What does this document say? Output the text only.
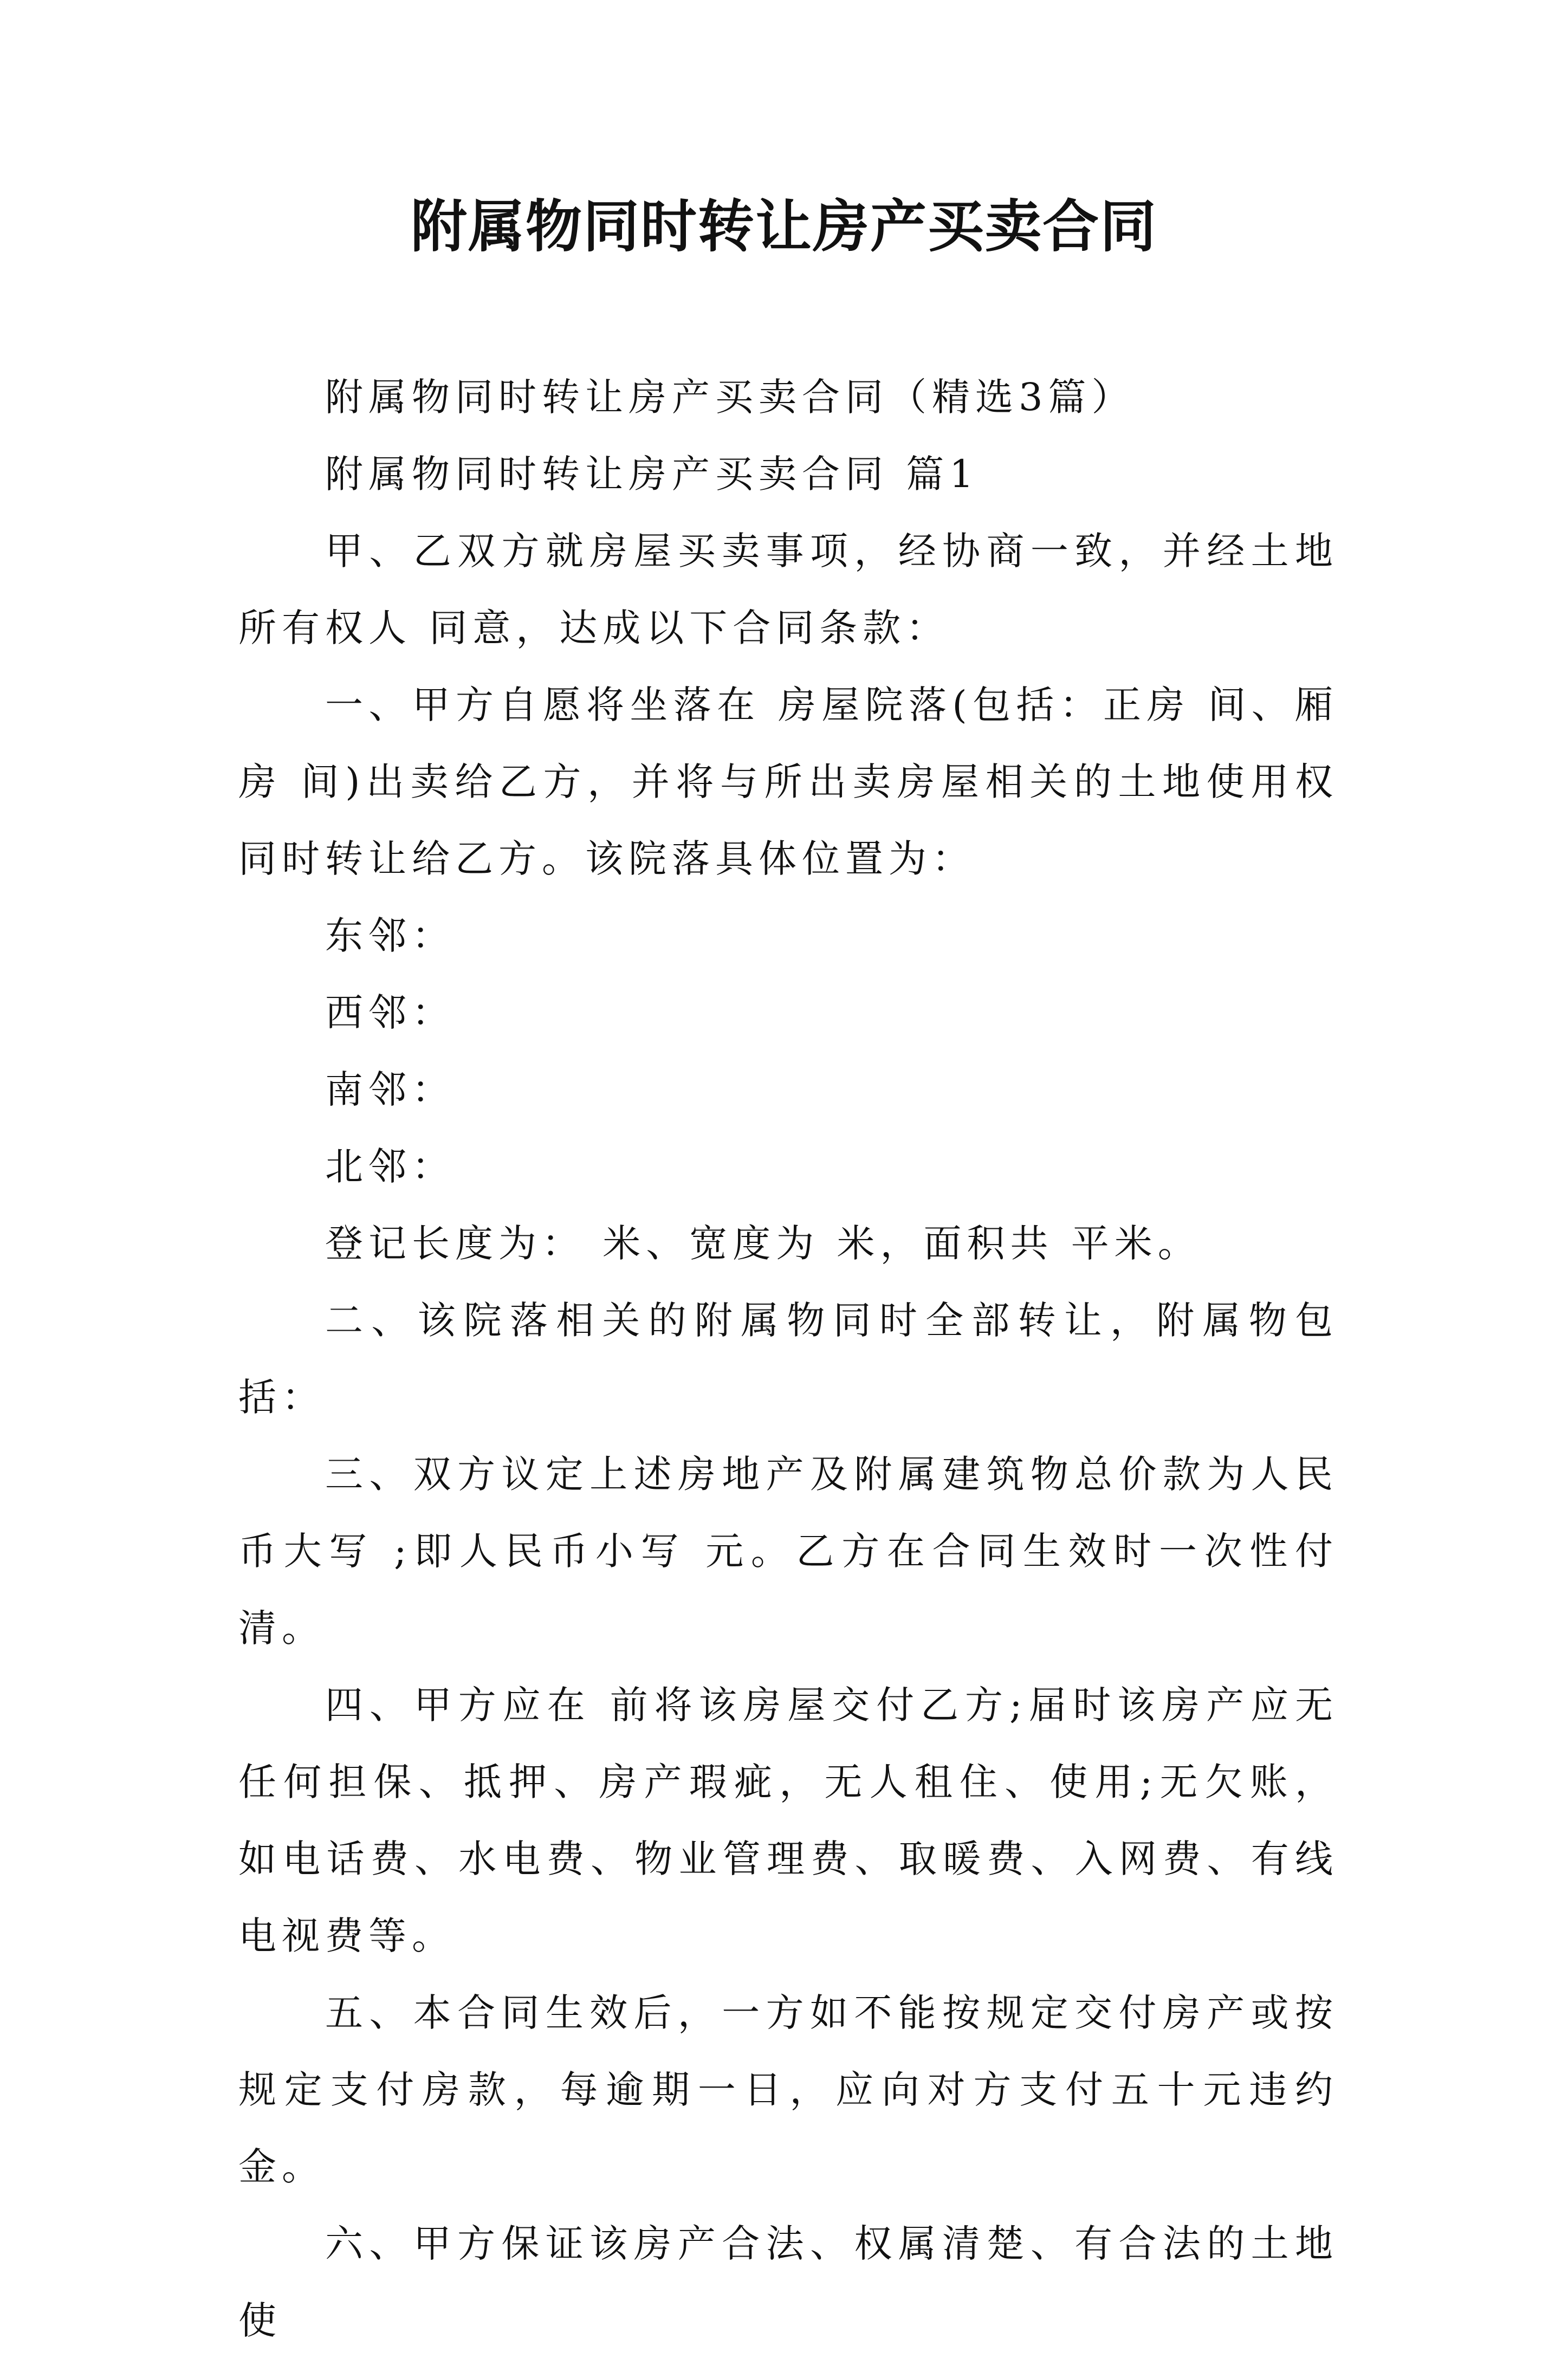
附属物同时转让房产买卖合同

附属物同时转让房产买卖合同（精选3篇）

附属物同时转让房产买卖合同 篇1

甲、乙双方就房屋买卖事项，经协商一致，并经土地所有权人 同意，达成以下合同条款：

一、甲方自愿将坐落在 房屋院落(包括：正房 间、厢房 间)出卖给乙方，并将与所出卖房屋相关的土地使用权同时转让给乙方。该院落具体位置为：

东邻：

西邻：

南邻：

北邻：

登记长度为： 米、宽度为 米，面积共 平米。

二、该院落相关的附属物同时全部转让，附属物包括：

三、双方议定上述房地产及附属建筑物总价款为人民币大写 ;即人民币小写 元。乙方在合同生效时一次性付清。

四、甲方应在 前将该房屋交付乙方;届时该房产应无任何担保、抵押、房产瑕疵，无人租住、使用;无欠账，如电话费、水电费、物业管理费、取暖费、入网费、有线电视费等。

五、本合同生效后，一方如不能按规定交付房产或按规定支付房款，每逾期一日，应向对方支付五十元违约金。

六、甲方保证该房产合法、权属清楚、有合法的土地使
